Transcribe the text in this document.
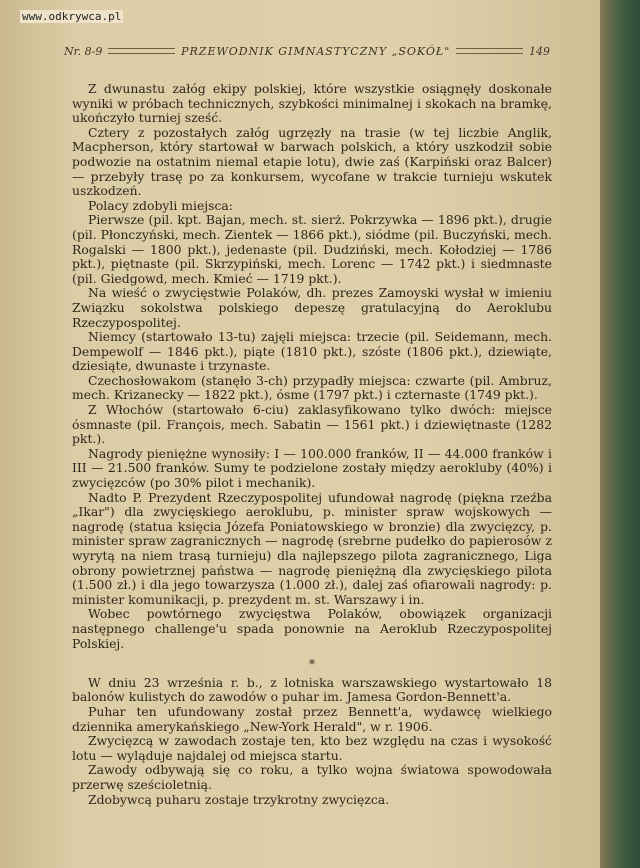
www.odkrywca.pl
Nr. 8-9	PRZEWODNIK GIMNASTYCZNY „SOKÓŁ"	149

Z dwunastu załóg ekipy polskiej, które wszystkie osiągnęły doskonałe wyniki w próbach technicznych, szybkości minimalnej i skokach na bramkę, ukończyło turniej sześć.

Cztery z pozostałych załóg ugrzęzły na trasie (w tej liczbie Anglik, Macpherson, który startował w barwach polskich, a który uszkodził sobie podwozie na ostatnim niemal etapie lotu), dwie zaś (Karpiński oraz Balcer) — przebyły trasę po za konkursem, wycofane w trakcie turnieju wskutek uszkodzeń.

Polacy zdobyli miejsca:

Pierwsze (pil. kpt. Bajan, mech. st. sierż. Pokrzywka — 1896 pkt.), drugie (pil. Płonczyński, mech. Zientek — 1866 pkt.), siódme (pil. Buczyński, mech. Rogalski — 1800 pkt.), jedenaste (pil. Dudziński, mech. Kołodziej — 1786 pkt.), piętnaste (pil. Skrzypiński, mech. Lorenc — 1742 pkt.) i siedmnaste (pil. Giedgowd, mech. Kmieć — 1719 pkt.).

Na wieść o zwycięstwie Polaków, dh. prezes Zamoyski wysłał w imieniu Związku sokolstwa polskiego depeszę gratulacyjną do Aeroklubu Rzeczypospolitej.

Niemcy (startowało 13-tu) zajęli miejsca: trzecie (pil. Seidemann, mech. Dempewolf — 1846 pkt.), piąte (1810 pkt.), szóste (1806 pkt.), dziewiąte, dziesiąte, dwunaste i trzynaste.

Czechosłowakom (stanęło 3-ch) przypadły miejsca: czwarte (pil. Ambruz, mech. Krizanecky — 1822 pkt.), ósme (1797 pkt.) i czternaste (1749 pkt.).

Z Włochów (startowało 6-ciu) zaklasyfikowano tylko dwóch: miejsce ósmnaste (pil. François, mech. Sabatin — 1561 pkt.) i dziewiętnaste (1282 pkt.).

Nagrody pieniężne wynosiły: I — 100.000 franków, II — 44.000 franków i III — 21.500 franków. Sumy te podzielone zostały między aerokluby (40%) i zwycięzców (po 30% pilot i mechanik).

Nadto P. Prezydent Rzeczypospolitej ufundował nagrodę (piękna rzeźba „Ikar") dla zwycięskiego aeroklubu, p. minister spraw wojskowych — nagrodę (statua księcia Józefa Poniatowskiego w bronzie) dla zwycięzcy, p. minister spraw zagranicznych — nagrodę (srebrne pudełko do papierosów z wyrytą na niem trasą turnieju) dla najlepszego pilota zagranicznego, Liga obrony powietrznej państwa — nagrodę pieniężną dla zwycięskiego pilota (1.500 zł.) i dla jego towarzysza (1.000 zł.), dalej zaś ofiarowali nagrody: p. minister komunikacji, p. prezydent m. st. Warszawy i in.

Wobec powtórnego zwycięstwa Polaków, obowiązek organizacji następnego challenge'u spada ponownie na Aeroklub Rzeczypospolitej Polskiej.

*

W dniu 23 września r. b., z lotniska warszawskiego wystartowało 18 balonów kulistych do zawodów o puhar im. Jamesa Gordon-Bennett'a.

Puhar ten ufundowany został przez Bennett'a, wydawcę wielkiego dziennika amerykańskiego „New-York Herald", w r. 1906.

Zwycięzcą w zawodach zostaje ten, kto bez względu na czas i wysokość lotu — wyląduje najdalej od miejsca startu.

Zawody odbywają się co roku, a tylko wojna światowa spowodowała przerwę sześcioletnią.

Zdobywcą puharu zostaje trzykrotny zwycięzca.
